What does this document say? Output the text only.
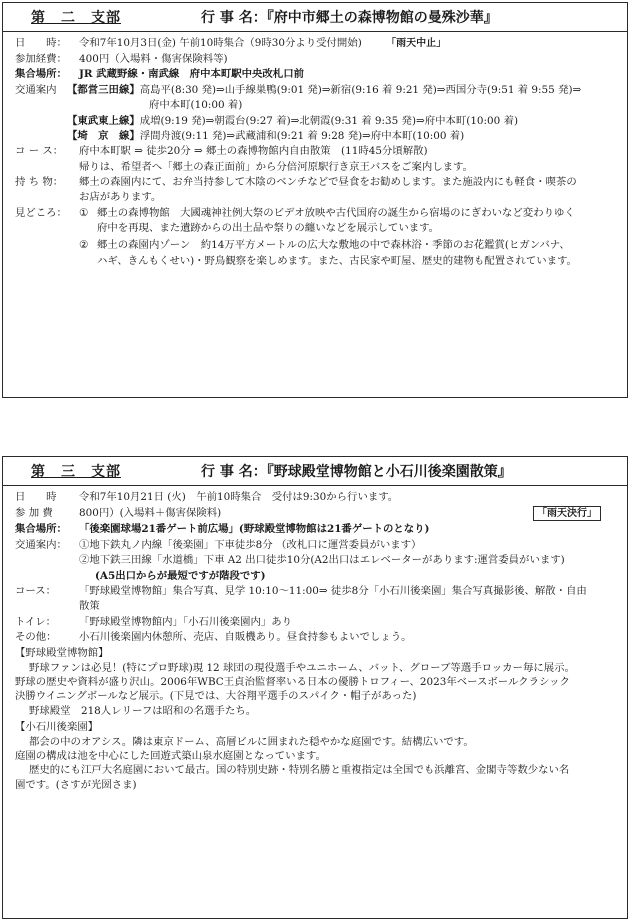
第　二　支部	行 事 名：『府中市郷土の森博物館の曼殊沙華』
日　　時：	令和7年10月3日(金) 午前10時集合（9時30分より受付開始) 「雨天中止」
参加経費：	400円（入場料・傷害保険料等)
集合場所：	JR 武蔵野線・南武線　府中本町駅中央改札口前
交通案内	【都営三田線】高島平(8:30 発)⇒山手線巣鴨(9:01 発)⇒新宿(9:16 着 9:21 発)⇒西国分寺(9:51 着 9:55 発)⇒
府中本町(10:00 着)
【東武東上線】成増(9:19 発)⇒朝霞台(9:27 着)⇒北朝霞(9:31 着 9:35 発)⇒府中本町(10:00 着)
【埼　京　線】浮間舟渡(9:11 発)⇒武蔵浦和(9:21 着 9:28 発)⇒府中本町(10:00 着)
コ ー ス：	府中本町駅 ⇒ 徒歩20分 ⇒ 郷土の森博物館内自由散策　(11時45分頃解散)
帰りは、希望者へ「郷土の森正面前」から分倍河原駅行き京王バスをご案内します。
持 ち 物：	郷土の森園内にて、お弁当持参して木陰のベンチなどで昼食をお勧めします。また施設内にも軽食・喫茶の
お店があります。
見どころ：	① 郷土の森博物館　大國魂神社例大祭のビデオ放映や古代国府の誕生から宿場のにぎわいなど変わりゆく
府中を再現、また遺跡からの出土品や祭りの纏いなどを展示しています。
② 郷土の森園内ゾーン　約14万平方メートルの広大な敷地の中で森林浴・季節のお花鑑賞(ヒガンバナ、
ハギ、きんもくせい)・野鳥観察を楽しめます。また、古民家や町屋、歴史的建物も配置されています。
第　三　支部	行 事 名：『野球殿堂博物館と小石川後楽園散策』
日　　時	令和7年10月21日 (火)　午前10時集合　受付は9:30から行います。
参 加 費	800円）(入場料＋傷害保険料)	「雨天決行」
集合場所：	「後楽園球場21番ゲート前広場」(野球殿堂博物館は21番ゲートのとなり)
交通案内：	①地下鉄丸ノ内線「後楽園」下車徒歩8分 （改札口に運営委員がいます）
②地下鉄三田線「水道橋」下車 A2 出口徒歩10分(A2出口はエレベーターがあります:運営委員がいます)
(A5出口からが最短ですが階段です)
コース：	「野球殿堂博物館」集合写真、見学 10:10～11:00⇒ 徒歩8分「小石川後楽園」集合写真撮影後、解散・自由
散策
トイレ：	「野球殿堂博物館内」「小石川後楽園内」あり
その他：	小石川後楽園内休憩所、売店、自販機あり。昼食持参もよいでしょう。
【野球殿堂博物館】
野球ファンは必見！(特にプロ野球)現 12 球団の現役選手やユニホーム、バット、グローブ等選手ロッカー毎に展示。
野球の歴史や資料が盛り沢山。2006年WBC王貞治監督率いる日本の優勝トロフィー、2023年ベースボールクラシック
決勝ウイニングボールなど展示。(下見では、大谷翔平選手のスパイク・帽子があった)
野球殿堂　218人レリーフは昭和の名選手たち。
【小石川後楽園】
都会の中のオアシス。隣は東京ドーム、高層ビルに囲まれた穏やかな庭園です。結構広いです。
庭園の構成は池を中心にした回遊式築山泉水庭園となっています。
歴史的にも江戸大名庭園において最古。国の特別史跡・特別名勝と重複指定は全国でも浜離宮、金閣寺等数少ない名
園です。(さすが光圀さま)
